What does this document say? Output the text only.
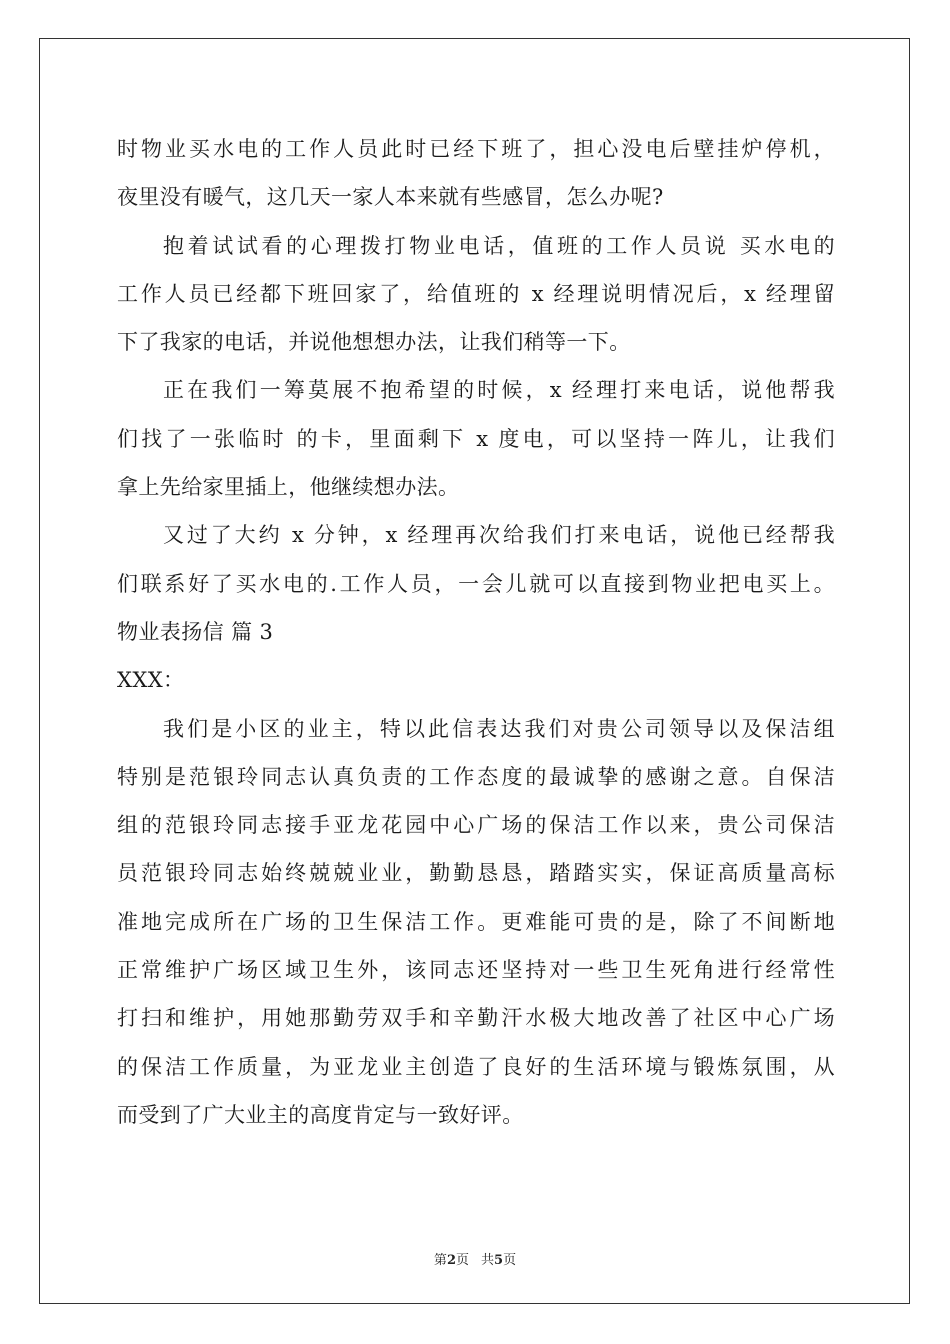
时物业买水电的工作人员此时已经下班了，担心没电后壁挂炉停机，
夜里没有暖气，这几天一家人本来就有些感冒，怎么办呢?
抱着试试看的心理拨打物业电话，值班的工作人员说 买水电的
工作人员已经都下班回家了，给值班的 x 经理说明情况后，x 经理留
下了我家的电话，并说他想想办法，让我们稍等一下。
正在我们一筹莫展不抱希望的时候，x 经理打来电话，说他帮我
们找了一张临时 的卡，里面剩下 x 度电，可以坚持一阵儿，让我们
拿上先给家里插上，他继续想办法。
又过了大约 x 分钟，x 经理再次给我们打来电话，说他已经帮我
们联系好了买水电的.工作人员，一会儿就可以直接到物业把电买上。
物业表扬信 篇 3
XXX：
我们是小区的业主，特以此信表达我们对贵公司领导以及保洁组
特别是范银玲同志认真负责的工作态度的最诚挚的感谢之意。自保洁
组的范银玲同志接手亚龙花园中心广场的保洁工作以来，贵公司保洁
员范银玲同志始终兢兢业业，勤勤恳恳，踏踏实实，保证高质量高标
准地完成所在广场的卫生保洁工作。更难能可贵的是，除了不间断地
正常维护广场区域卫生外，该同志还坚持对一些卫生死角进行经常性
打扫和维护，用她那勤劳双手和辛勤汗水极大地改善了社区中心广场
的保洁工作质量，为亚龙业主创造了良好的生活环境与锻炼氛围，从
而受到了广大业主的高度肯定与一致好评。
第2页 共5页
